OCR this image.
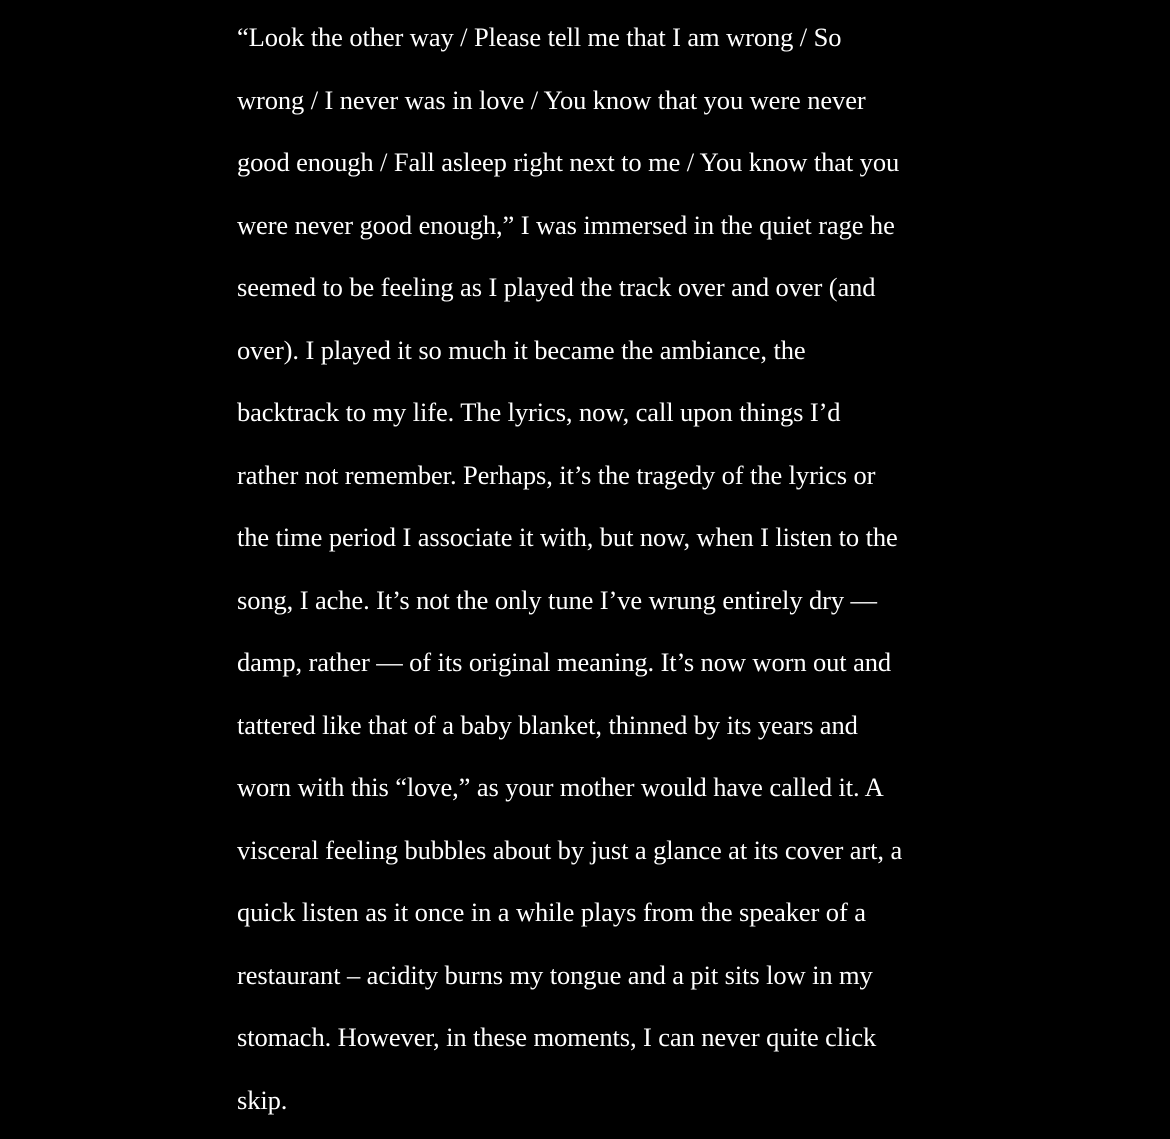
“Look the other way / Please tell me that I am wrong / So
wrong / I never was in love / You know that you were never
good enough / Fall asleep right next to me / You know that you
were never good enough,” I was immersed in the quiet rage he
seemed to be feeling as I played the track over and over (and
over). I played it so much it became the ambiance, the
backtrack to my life. The lyrics, now, call upon things I’d
rather not remember. Perhaps, it’s the tragedy of the lyrics or
the time period I associate it with, but now, when I listen to the
song, I ache. It’s not the only tune I’ve wrung entirely dry —
damp, rather — of its original meaning. It’s now worn out and
tattered like that of a baby blanket, thinned by its years and
worn with this “love,” as your mother would have called it. A
visceral feeling bubbles about by just a glance at its cover art, a
quick listen as it once in a while plays from the speaker of a
restaurant – acidity burns my tongue and a pit sits low in my
stomach. However, in these moments, I can never quite click
skip.
